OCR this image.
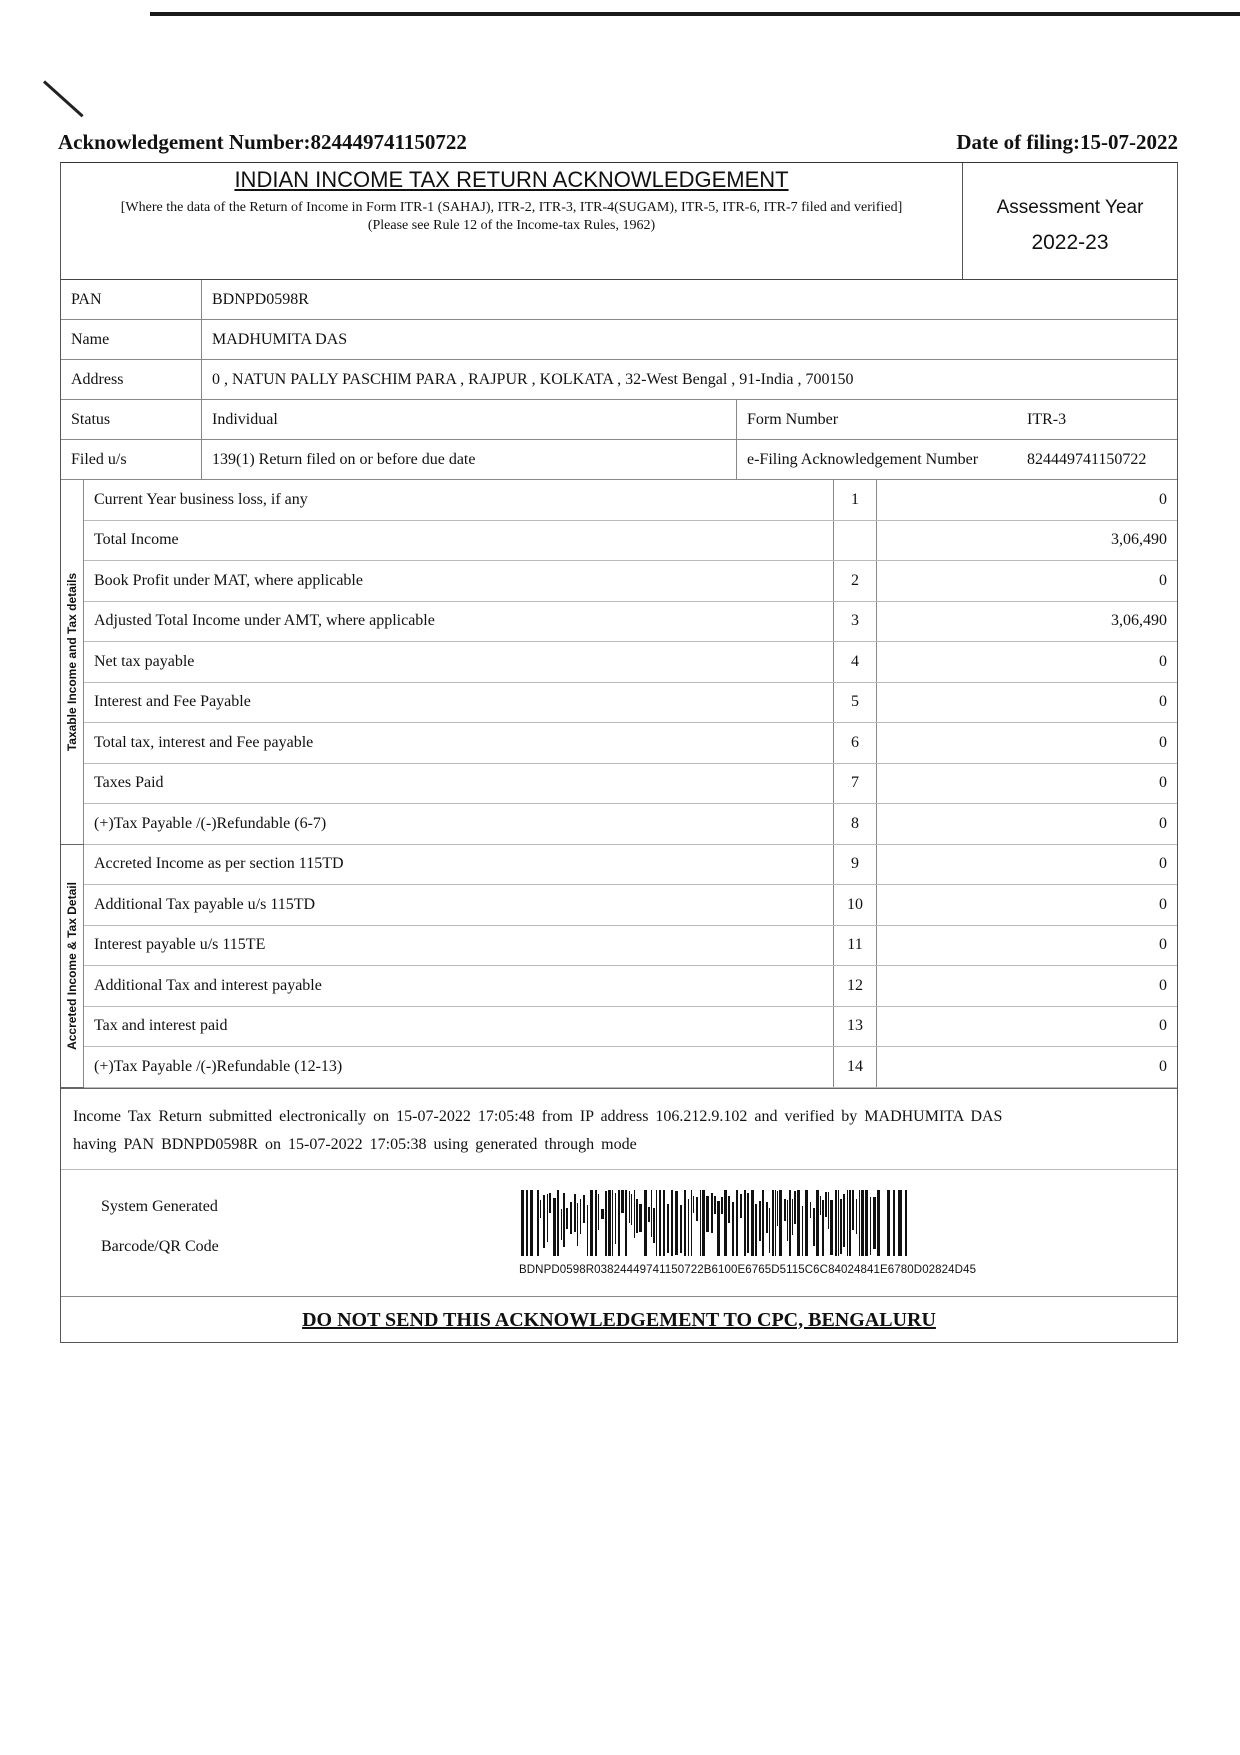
Acknowledgement Number:824449741150722	Date of filing:15-07-2022
INDIAN INCOME TAX RETURN ACKNOWLEDGEMENT
[Where the data of the Return of Income in Form ITR-1 (SAHAJ), ITR-2, ITR-3, ITR-4(SUGAM), ITR-5, ITR-6, ITR-7 filed and verified]
(Please see Rule 12 of the Income-tax Rules, 1962)
Assessment Year
2022-23
PAN	BDNPD0598R		
Name	MADHUMITA DAS		
Address	0 , NATUN PALLY PASCHIM PARA , RAJPUR , KOLKATA , 32-West Bengal , 91-India , 700150		
Status	Individual	Form Number	ITR-3
Filed u/s	139(1) Return filed on or before due date	e-Filing Acknowledgement Number	824449741150722
Taxable Income and Tax details	Current Year business loss, if any	1	0
	Total Income		3,06,490
	Book Profit under MAT, where applicable	2	0
	Adjusted Total Income under AMT, where applicable	3	3,06,490
	Net tax payable	4	0
	Interest and Fee Payable	5	0
	Total tax, interest and Fee payable	6	0
	Taxes Paid	7	0
	(+)Tax Payable /(-)Refundable (6-7)	8	0
Accreted Income & Tax Detail	Accreted Income as per section 115TD	9	0
	Additional Tax payable u/s 115TD	10	0
	Interest payable u/s 115TE	11	0
	Additional Tax and interest payable	12	0
	Tax and interest paid	13	0
	(+)Tax Payable /(-)Refundable (12-13)	14	0
Income Tax Return submitted electronically on 15-07-2022 17:05:48 from IP address 106.212.9.102 and verified by MADHUMITA DAS
having PAN BDNPD0598R on 15-07-2022 17:05:38 using generated through mode
System Generated
Barcode/QR Code
BDNPD0598R03824449741150722B6100E6765D5115C6C84024841E6780D02824D45
DO NOT SEND THIS ACKNOWLEDGEMENT TO CPC, BENGALURU
